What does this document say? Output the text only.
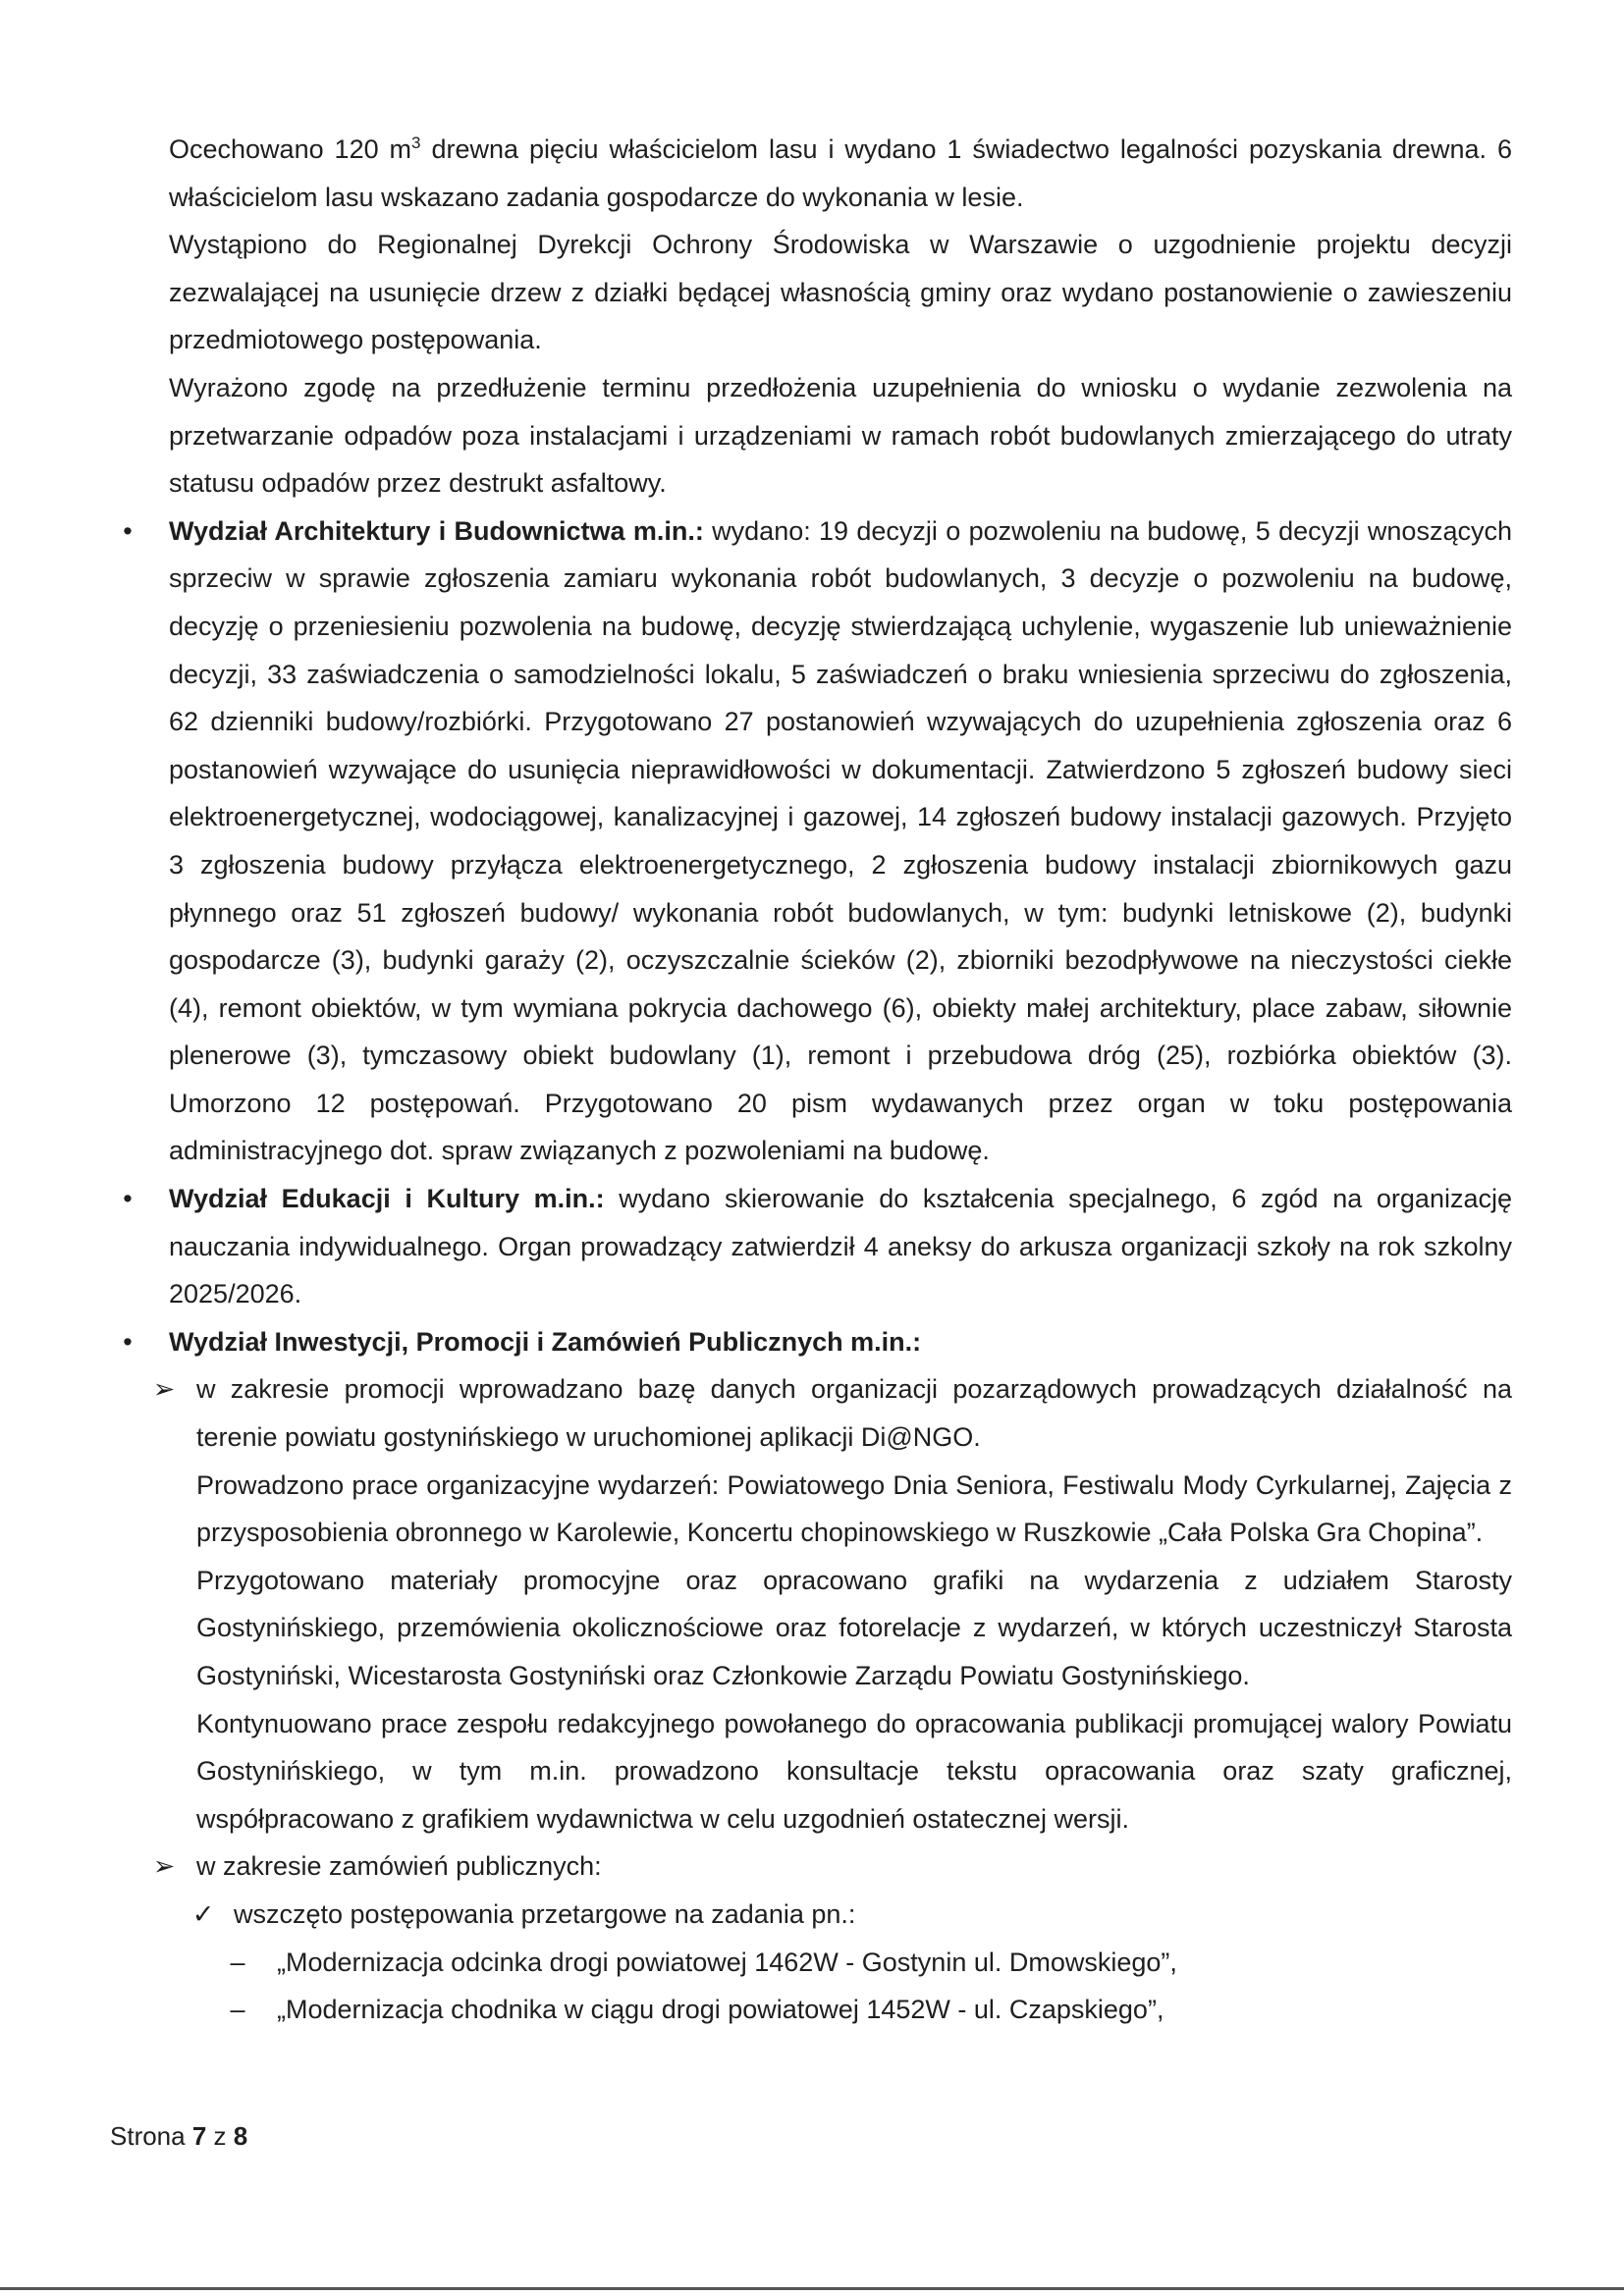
Ocechowano 120 $m^3$ drewna pięciu właścicielom lasu i wydano 1 świadectwo legalności pozyskania drewna. 6 właścicielom lasu wskazano zadania gospodarcze do wykonania w lesie.

Wystąpiono do Regionalnej Dyrekcji Ochrony Środowiska w Warszawie o uzgodnienie projektu decyzji zezwalającej na usunięcie drzew z działki będącej własnością gminy oraz wydano postanowienie o zawieszeniu przedmiotowego postępowania.

Wyrażono zgodę na przedłużenie terminu przedłożenia uzupełnienia do wniosku o wydanie zezwolenia na przetwarzanie odpadów poza instalacjami i urządzeniami w ramach robót budowlanych zmierzającego do utraty statusu odpadów przez destrukt asfaltowy.

• Wydział Architektury i Budownictwa m.in.: wydano: 19 decyzji o pozwoleniu na budowę, 5 decyzji wnoszących sprzeciw w sprawie zgłoszenia zamiaru wykonania robót budowlanych, 3 decyzje o pozwoleniu na budowę, decyzję o przeniesieniu pozwolenia na budowę, decyzję stwierdzającą uchylenie, wygaszenie lub unieważnienie decyzji, 33 zaświadczenia o samodzielności lokalu, 5 zaświadczeń o braku wniesienia sprzeciwu do zgłoszenia, 62 dzienniki budowy/rozbiórki. Przygotowano 27 postanowień wzywających do uzupełnienia zgłoszenia oraz 6 postanowień wzywające do usunięcia nieprawidłowości w dokumentacji. Zatwierdzono 5 zgłoszeń budowy sieci elektroenergetycznej, wodociągowej, kanalizacyjnej i gazowej, 14 zgłoszeń budowy instalacji gazowych. Przyjęto 3 zgłoszenia budowy przyłącza elektroenergetycznego, 2 zgłoszenia budowy instalacji zbiornikowych gazu płynnego oraz 51 zgłoszeń budowy/ wykonania robót budowlanych, w tym: budynki letniskowe (2), budynki gospodarcze (3), budynki garaży (2), oczyszczalnie ścieków (2), zbiorniki bezodpływowe na nieczystości ciekłe (4), remont obiektów, w tym wymiana pokrycia dachowego (6), obiekty małej architektury, place zabaw, siłownie plenerowe (3), tymczasowy obiekt budowlany (1), remont i przebudowa dróg (25), rozbiórka obiektów (3). Umorzono 12 postępowań. Przygotowano 20 pism wydawanych przez organ w toku postępowania administracyjnego dot. spraw związanych z pozwoleniami na budowę.

• Wydział Edukacji i Kultury m.in.: wydano skierowanie do kształcenia specjalnego, 6 zgód na organizację nauczania indywidualnego. Organ prowadzący zatwierdził 4 aneksy do arkusza organizacji szkoły na rok szkolny 2025/2026.

• Wydział Inwestycji, Promocji i Zamówień Publicznych m.in.:

➢ w zakresie promocji wprowadzano bazę danych organizacji pozarządowych prowadzących działalność na terenie powiatu gostynińskiego w uruchomionej aplikacji Di@NGO.

Prowadzono prace organizacyjne wydarzeń: Powiatowego Dnia Seniora, Festiwalu Mody Cyrkularnej, Zajęcia z przysposobienia obronnego w Karolewie, Koncertu chopinowskiego w Ruszkowie „Cała Polska Gra Chopina”.

Przygotowano materiały promocyjne oraz opracowano grafiki na wydarzenia z udziałem Starosty Gostynińskiego, przemówienia okolicznościowe oraz fotorelacje z wydarzeń, w których uczestniczył Starosta Gostyniński, Wicestarosta Gostyniński oraz Członkowie Zarządu Powiatu Gostynińskiego.

Kontynuowano prace zespołu redakcyjnego powołanego do opracowania publikacji promującej walory Powiatu Gostynińskiego, w tym m.in. prowadzono konsultacje tekstu opracowania oraz szaty graficznej, współpracowano z grafikiem wydawnictwa w celu uzgodnień ostatecznej wersji.

➢ w zakresie zamówień publicznych:

✓ wszczęto postępowania przetargowe na zadania pn.:

– „Modernizacja odcinka drogi powiatowej 1462W - Gostynin ul. Dmowskiego”,

– „Modernizacja chodnika w ciągu drogi powiatowej 1452W - ul. Czapskiego”,

Strona 7 z 8
